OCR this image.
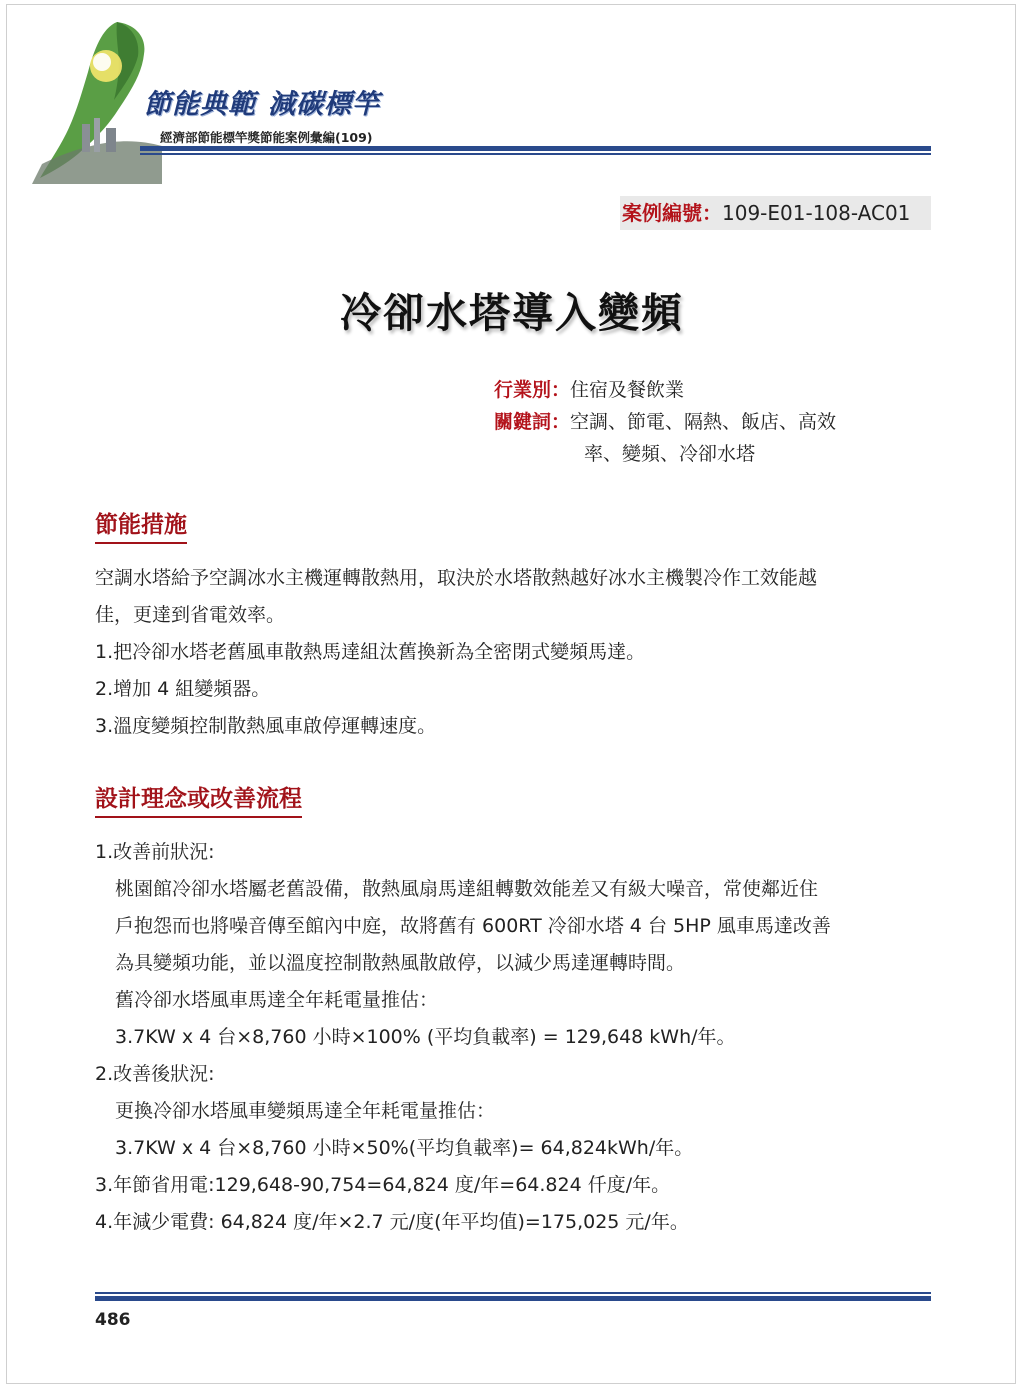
節能典範 減碳標竿
經濟部節能標竿獎節能案例彙編(109)
案例編號：109-E01-108-AC01
冷卻水塔導入變頻
行業別：住宿及餐飲業
關鍵詞：空調、節電、隔熱、飯店、高效
率、變頻、冷卻水塔
節能措施
空調水塔給予空調冰水主機運轉散熱用，取決於水塔散熱越好冰水主機製冷作工效能越
佳，更達到省電效率。
1.把冷卻水塔老舊風車散熱馬達組汰舊換新為全密閉式變頻馬達。
2.增加 4 組變頻器。
3.溫度變頻控制散熱風車啟停運轉速度。
設計理念或改善流程
1.改善前狀況:
桃園館冷卻水塔屬老舊設備，散熱風扇馬達組轉數效能差又有級大噪音，常使鄰近住
戶抱怨而也將噪音傳至館內中庭，故將舊有 600RT 冷卻水塔 4 台 5HP 風車馬達改善
為具變頻功能，並以溫度控制散熱風散啟停，以減少馬達運轉時間。
舊冷卻水塔風車馬達全年耗電量推估：
3.7KW x 4 台×8,760 小時×100% (平均負載率) = 129,648 kWh/年。
2.改善後狀況:
更換冷卻水塔風車變頻馬達全年耗電量推估：
3.7KW x 4 台×8,760 小時×50%(平均負載率)= 64,824kWh/年。
3.年節省用電:129,648-90,754=64,824 度/年=64.824 仟度/年。
4.年減少電費: 64,824 度/年×2.7 元/度(年平均值)=175,025 元/年。
486
